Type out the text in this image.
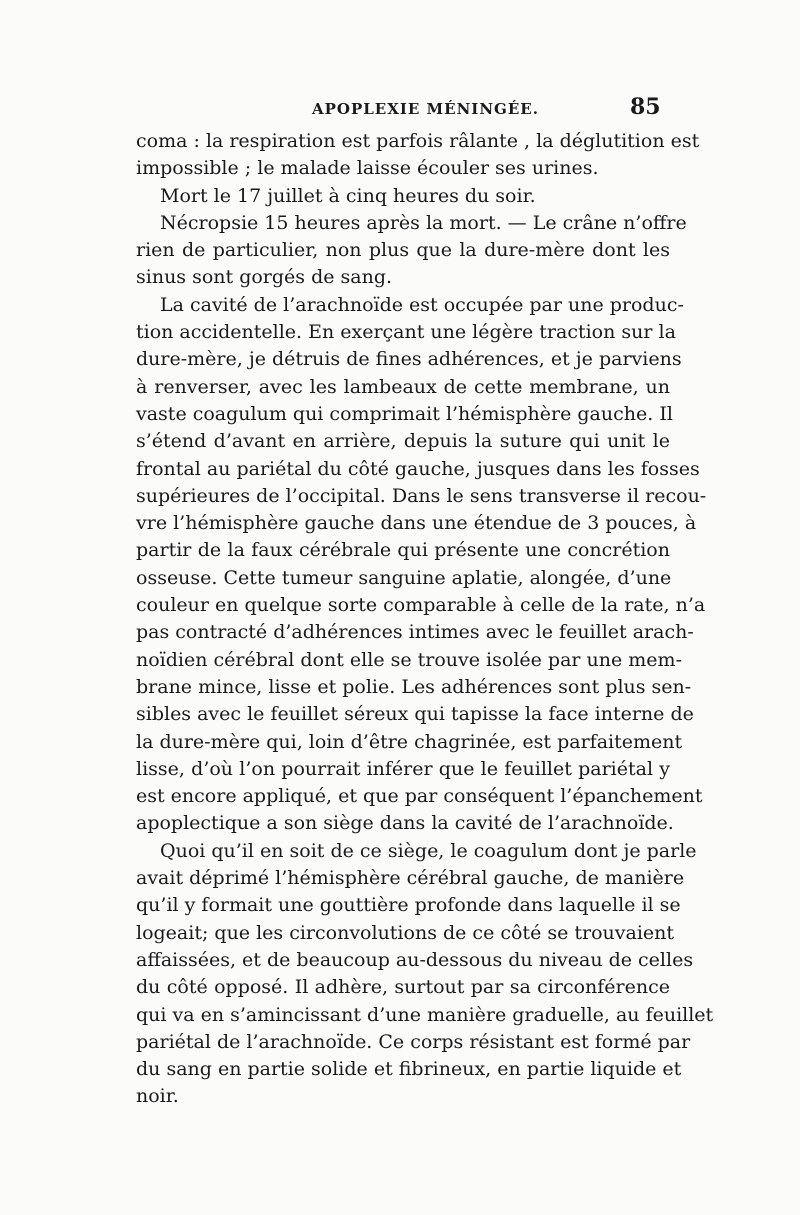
APOPLEXIE MÉNINGÉE.	85
coma : la respiration est parfois râlante , la déglutition est
impossible ; le malade laisse écouler ses urines.
Mort le 17 juillet à cinq heures du soir.
Nécropsie 15 heures après la mort. — Le crâne n’offre
rien de particulier, non plus que la dure-mère dont les
sinus sont gorgés de sang.
La cavité de l’arachnoïde est occupée par une produc-
tion accidentelle. En exerçant une légère traction sur la
dure-mère, je détruis de fines adhérences, et je parviens
à renverser, avec les lambeaux de cette membrane, un
vaste coagulum qui comprimait l’hémisphère gauche. Il
s’étend d’avant en arrière, depuis la suture qui unit le
frontal au pariétal du côté gauche, jusques dans les fosses
supérieures de l’occipital. Dans le sens transverse il recou-
vre l’hémisphère gauche dans une étendue de 3 pouces, à
partir de la faux cérébrale qui présente une concrétion
osseuse. Cette tumeur sanguine aplatie, alongée, d’une
couleur en quelque sorte comparable à celle de la rate, n’a
pas contracté d’adhérences intimes avec le feuillet arach-
noïdien cérébral dont elle se trouve isolée par une mem-
brane mince, lisse et polie. Les adhérences sont plus sen-
sibles avec le feuillet séreux qui tapisse la face interne de
la dure-mère qui, loin d’être chagrinée, est parfaitement
lisse, d’où l’on pourrait inférer que le feuillet pariétal y
est encore appliqué, et que par conséquent l’épanchement
apoplectique a son siège dans la cavité de l’arachnoïde.
Quoi qu’il en soit de ce siège, le coagulum dont je parle
avait déprimé l’hémisphère cérébral gauche, de manière
qu’il y formait une gouttière profonde dans laquelle il se
logeait; que les circonvolutions de ce côté se trouvaient
affaissées, et de beaucoup au-dessous du niveau de celles
du côté opposé. Il adhère, surtout par sa circonférence
qui va en s’amincissant d’une manière graduelle, au feuillet
pariétal de l’arachnoïde. Ce corps résistant est formé par
du sang en partie solide et fibrineux, en partie liquide et
noir.
